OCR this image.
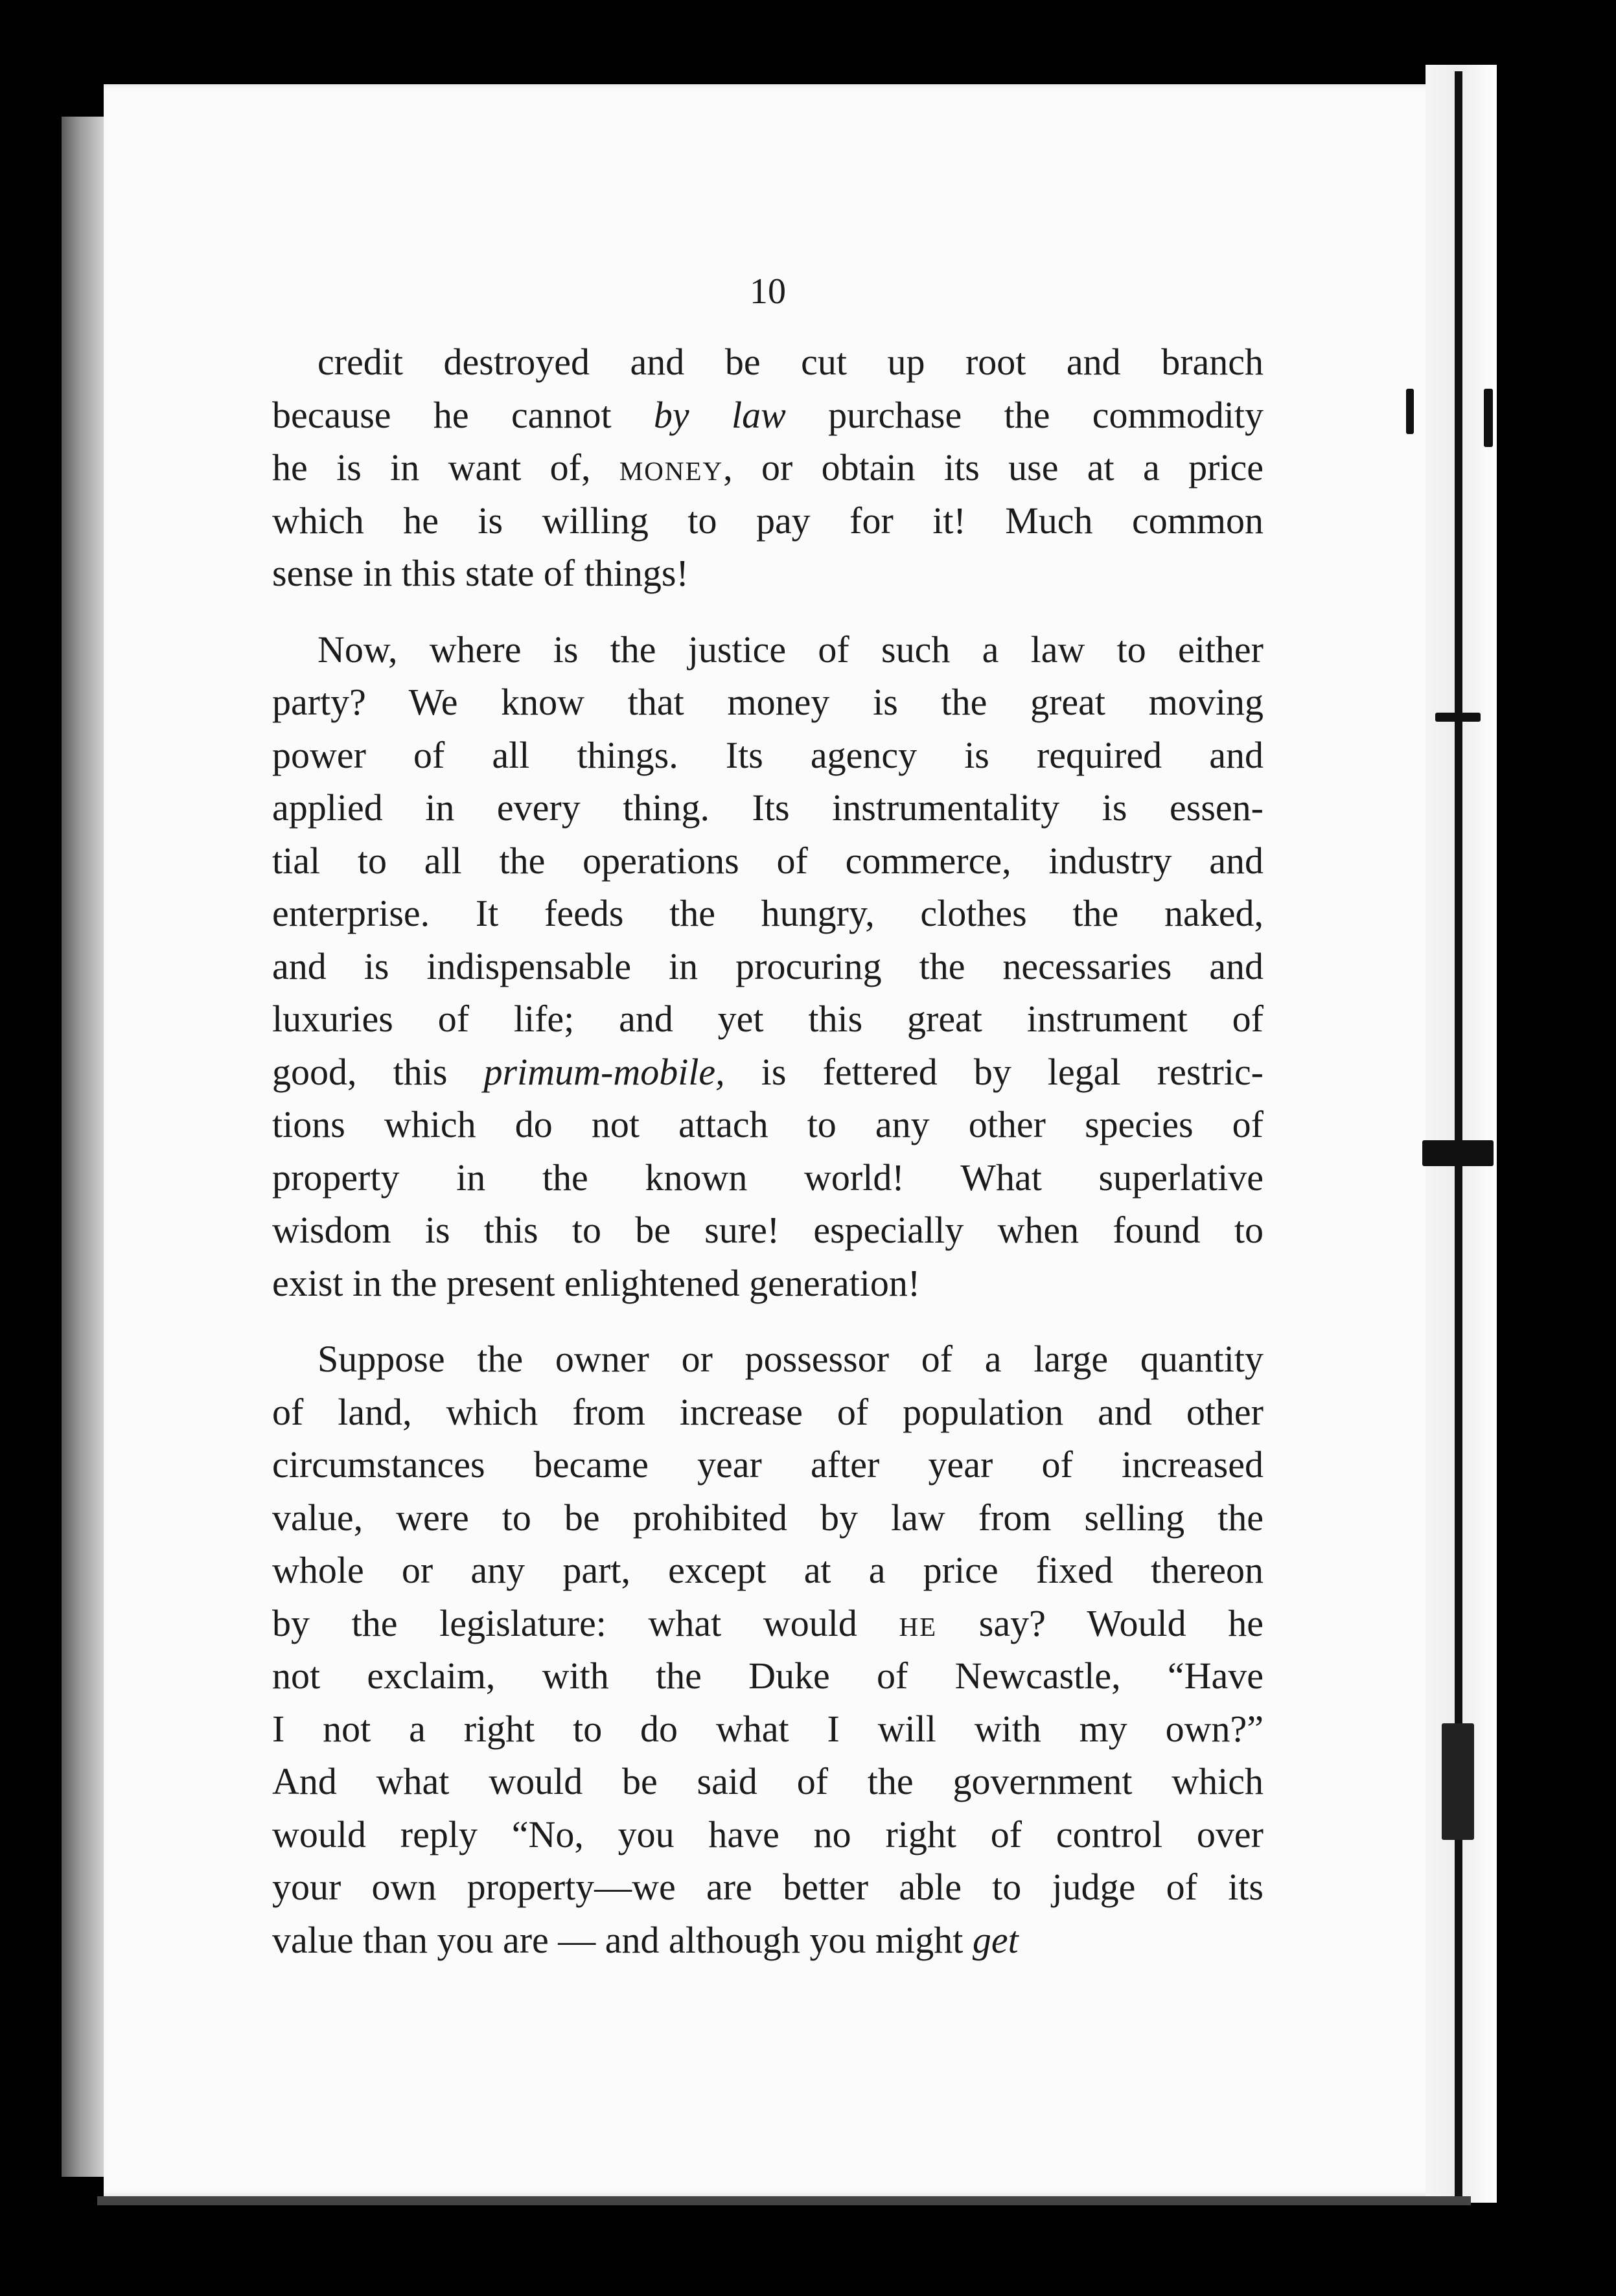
10
credit destroyed and be cut up root and branch
because he cannot by law purchase the commodity
he is in want of, money, or obtain its use at a price
which he is willing to pay for it! Much common
sense in this state of things!
Now, where is the justice of such a law to either
party? We know that money is the great moving
power of all things. Its agency is required and
applied in every thing. Its instrumentality is essen-
tial to all the operations of commerce, industry and
enterprise. It feeds the hungry, clothes the naked,
and is indispensable in procuring the necessaries and
luxuries of life; and yet this great instrument of
good, this primum-mobile, is fettered by legal restric-
tions which do not attach to any other species of
property in the known world! What superlative
wisdom is this to be sure! especially when found to
exist in the present enlightened generation!
Suppose the owner or possessor of a large quantity
of land, which from increase of population and other
circumstances became year after year of increased
value, were to be prohibited by law from selling the
whole or any part, except at a price fixed thereon
by the legislature: what would he say? Would he
not exclaim, with the Duke of Newcastle, “Have
I not a right to do what I will with my own?”
And what would be said of the government which
would reply “No, you have no right of control over
your own property—we are better able to judge of its
value than you are — and although you might get
